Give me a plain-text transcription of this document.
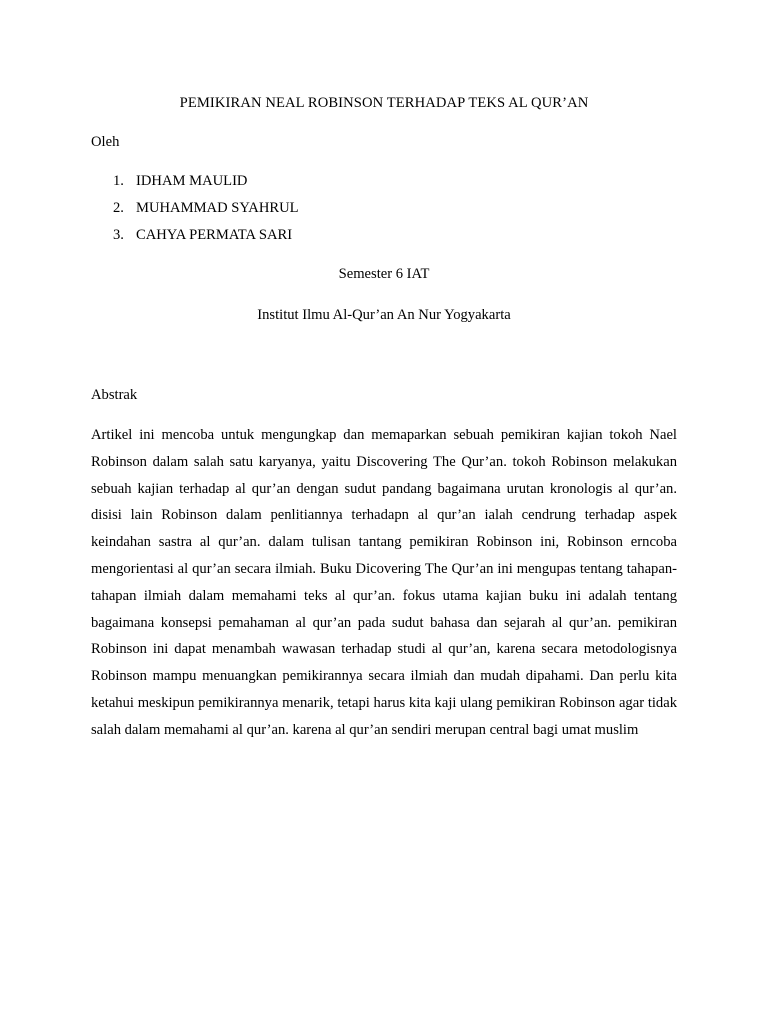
PEMIKIRAN NEAL ROBINSON TERHADAP TEKS AL QUR’AN
Oleh
1. IDHAM MAULID
2. MUHAMMAD SYAHRUL
3. CAHYA PERMATA SARI
Semester 6 IAT
Institut Ilmu Al-Qur’an An Nur Yogyakarta
Abstrak

Artikel ini mencoba untuk mengungkap dan memaparkan sebuah pemikiran kajian tokoh Nael Robinson dalam salah satu karyanya, yaitu Discovering The Qur’an. tokoh Robinson melakukan sebuah kajian terhadap al qur’an dengan sudut pandang bagaimana urutan kronologis al qur’an. disisi lain Robinson dalam penlitiannya terhadapn al qur’an ialah cendrung terhadap aspek keindahan sastra al qur’an. dalam tulisan tantang pemikiran Robinson ini, Robinson erncoba mengorientasi al qur’an secara ilmiah. Buku Dicovering The Qur’an ini mengupas tentang tahapan-tahapan ilmiah dalam memahami teks al qur’an. fokus utama kajian buku ini adalah tentang bagaimana konsepsi pemahaman al qur’an pada sudut bahasa dan sejarah al qur’an. pemikiran Robinson ini dapat menambah wawasan terhadap studi al qur’an, karena secara metodologisnya Robinson mampu menuangkan pemikirannya secara ilmiah dan mudah dipahami. Dan perlu kita ketahui meskipun pemikirannya menarik, tetapi harus kita kaji ulang pemikiran Robinson agar tidak salah dalam memahami al qur’an. karena al qur’an sendiri merupan central bagi umat muslim
